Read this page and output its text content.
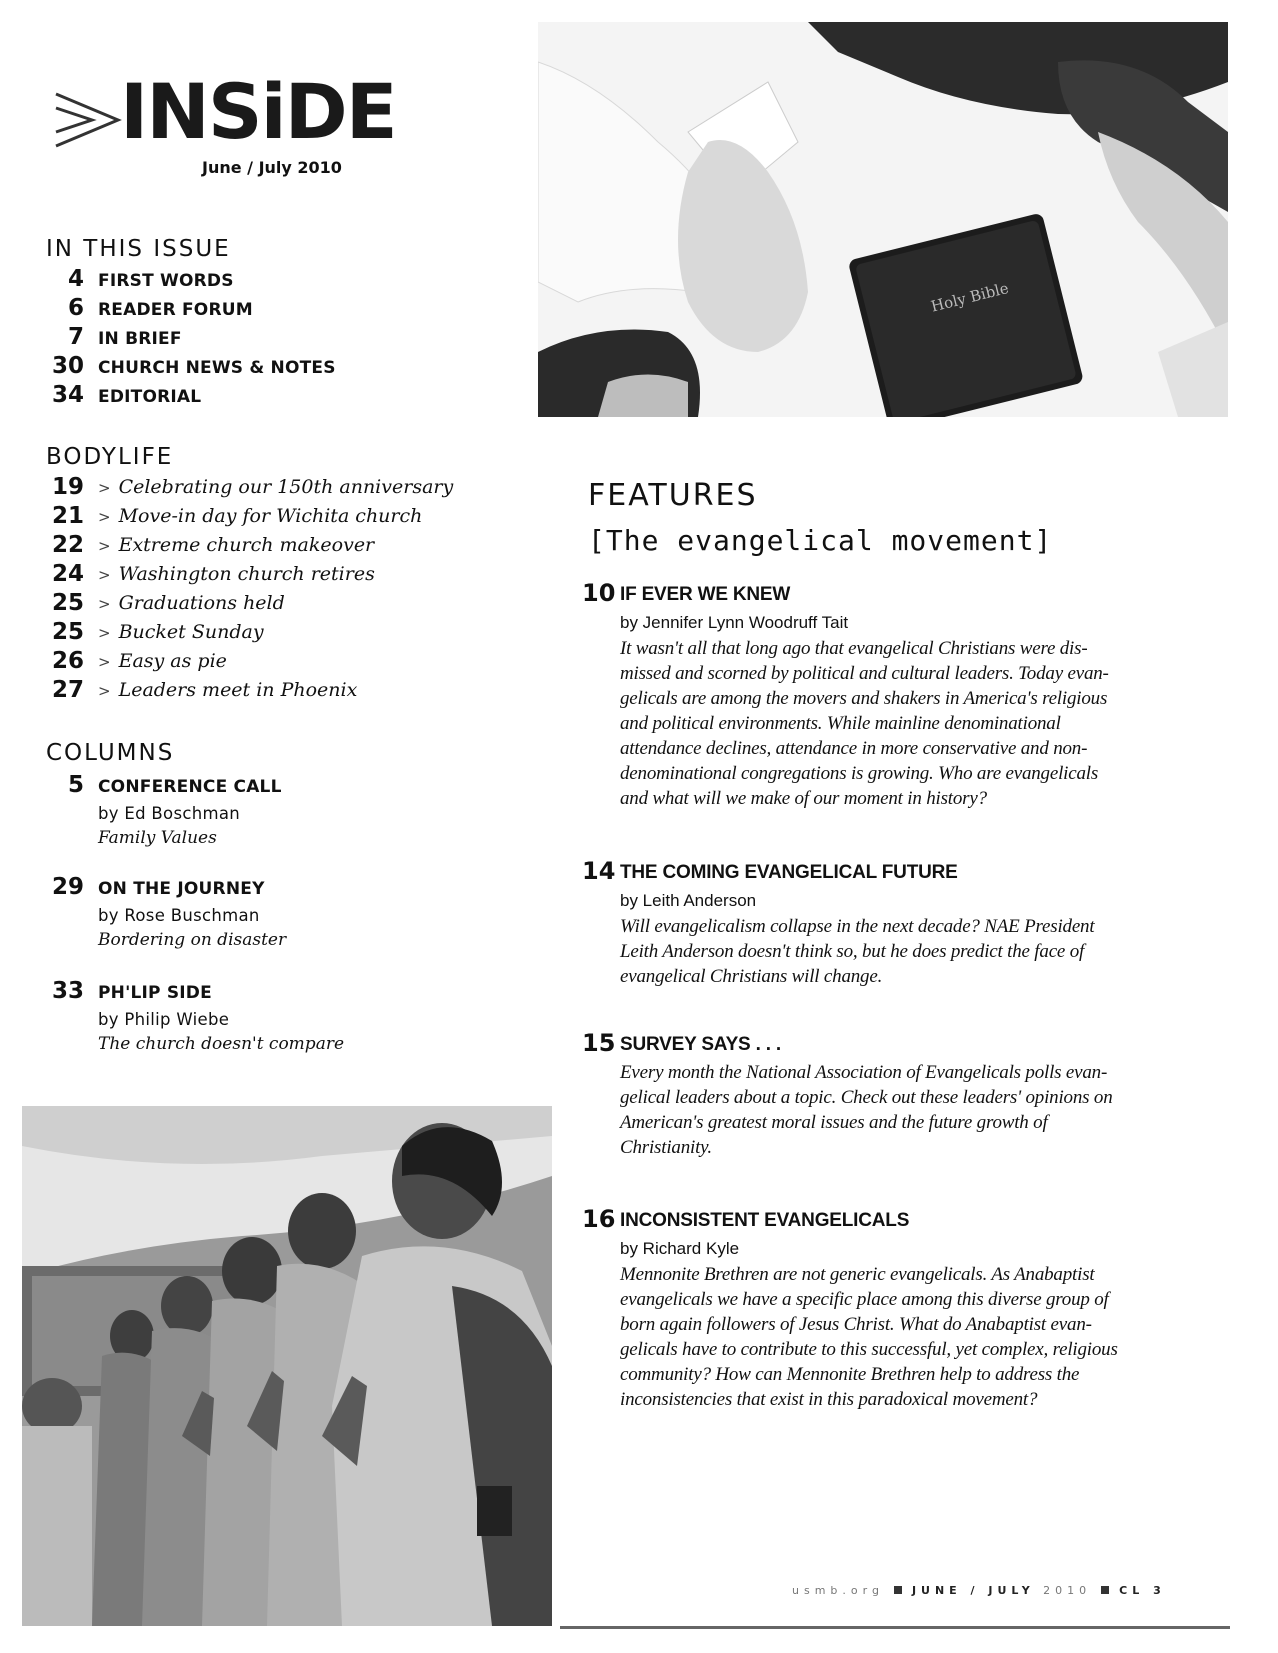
INSiDE
June / July 2010
IN THIS ISSUE
4 FIRST WORDS
6 READER FORUM
7 IN BRIEF
30 CHURCH NEWS & NOTES
34 EDITORIAL
BODYLIFE
19 > Celebrating our 150th anniversary
21 > Move-in day for Wichita church
22 > Extreme church makeover
24 > Washington church retires
25 > Graduations held
25 > Bucket Sunday
26 > Easy as pie
27 > Leaders meet in Phoenix
COLUMNS
5 CONFERENCE CALL
by Ed Boschman
Family Values
29 ON THE JOURNEY
by Rose Buschman
Bordering on disaster
33 PH'LIP SIDE
by Philip Wiebe
The church doesn't compare
Holy Bible
FEATURES
[The evangelical movement]
10 IF EVER WE KNEW
by Jennifer Lynn Woodruff Tait
It wasn't all that long ago that evangelical Christians were dis-
missed and scorned by political and cultural leaders. Today evan-
gelicals are among the movers and shakers in America's religious
and political environments. While mainline denominational
attendance declines, attendance in more conservative and non-
denominational congregations is growing. Who are evangelicals
and what will we make of our moment in history?
14 THE COMING EVANGELICAL FUTURE
by Leith Anderson
Will evangelicalism collapse in the next decade? NAE President
Leith Anderson doesn't think so, but he does predict the face of
evangelical Christians will change.
15 SURVEY SAYS . . .
Every month the National Association of Evangelicals polls evan-
gelical leaders about a topic. Check out these leaders' opinions on
American's greatest moral issues and the future growth of
Christianity.
16 INCONSISTENT EVANGELICALS
by Richard Kyle
Mennonite Brethren are not generic evangelicals. As Anabaptist
evangelicals we have a specific place among this diverse group of
born again followers of Jesus Christ. What do Anabaptist evan-
gelicals have to contribute to this successful, yet complex, religious
community? How can Mennonite Brethren help to address the
inconsistencies that exist in this paradoxical movement?
usmb.org	JUNE / JULY 2010	CL 3
